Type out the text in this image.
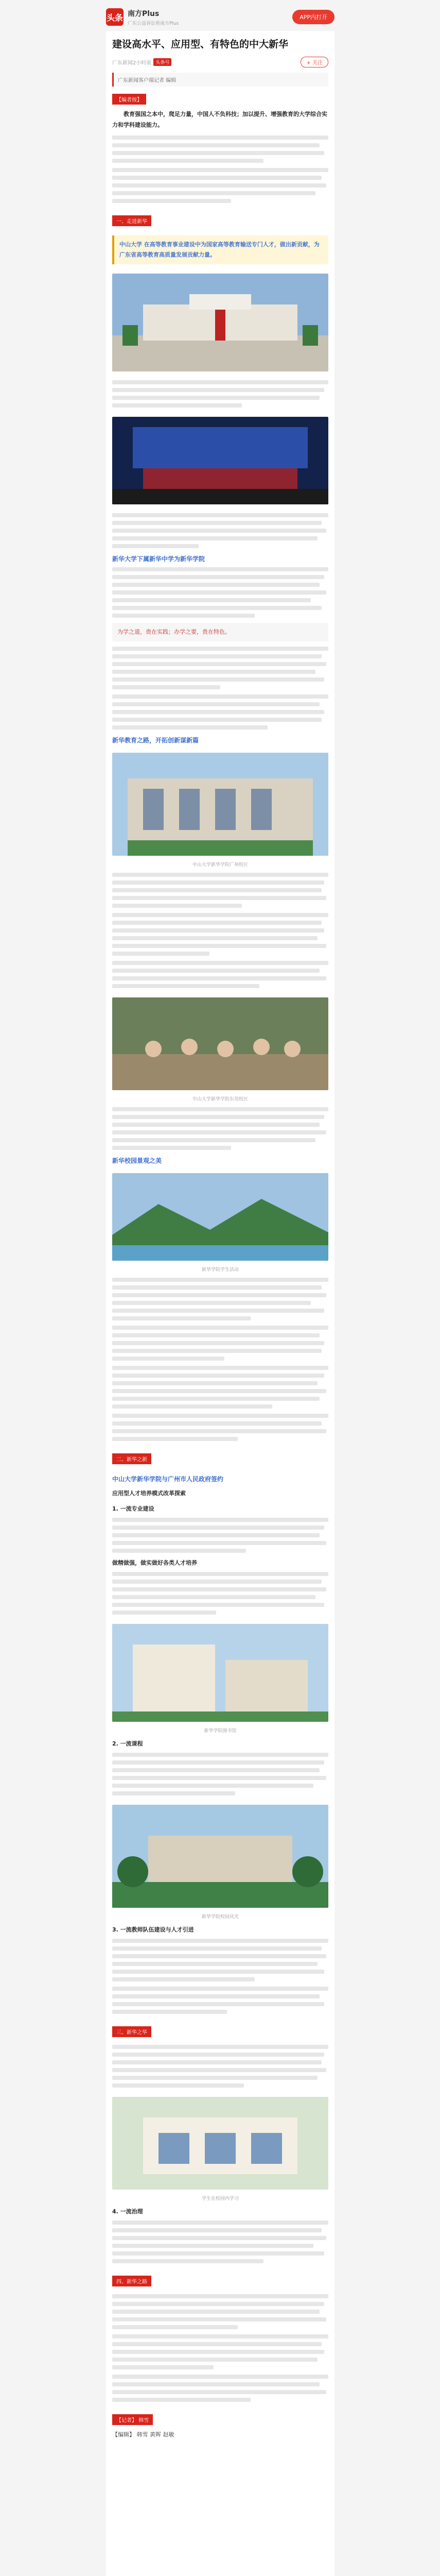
头条 南方Plus
广东公益诉讼看南方Plus
APP内打开
建设高水平、应用型、有特色的中大新华
广东新闻2小时前 头条号	+ 关注
广东新闻客户端记者 编辑
【编者按】
教育强国之本中，爬足力量，中国人不负科技；加以提升、增强教育的大学综合实力和学科建设能力。
一、走进新华
中山大学 在高等教育事业建设中为国家高等教育输送专门人才，做出新贡献，为广东省高等教育高质量发展贡献力量。
新华大学下属新华中学为新华学院
为学之道，贵在实践；办学之要，贵在特色。
新华教育之路，开拓创新谋新篇
中山大学新华学院广州校区
中山大学新华学院东莞校区
新华校园景观之美
新华学院学生活动
二、新华之新
中山大学新华学院与广州市人民政府签约
应用型人才培养模式改革探索
1. 一流专业建设
做精做强，做实做好各类人才培养
新华学院图书馆
2. 一流课程
新华学院校园风光
3. 一流教师队伍建设与人才引进
三、新华之华
学生在校园内学习
4. 一流治理
四、新华之路
【记者】 韩雪
【编辑】 韩雪 黄晖 赵敏
